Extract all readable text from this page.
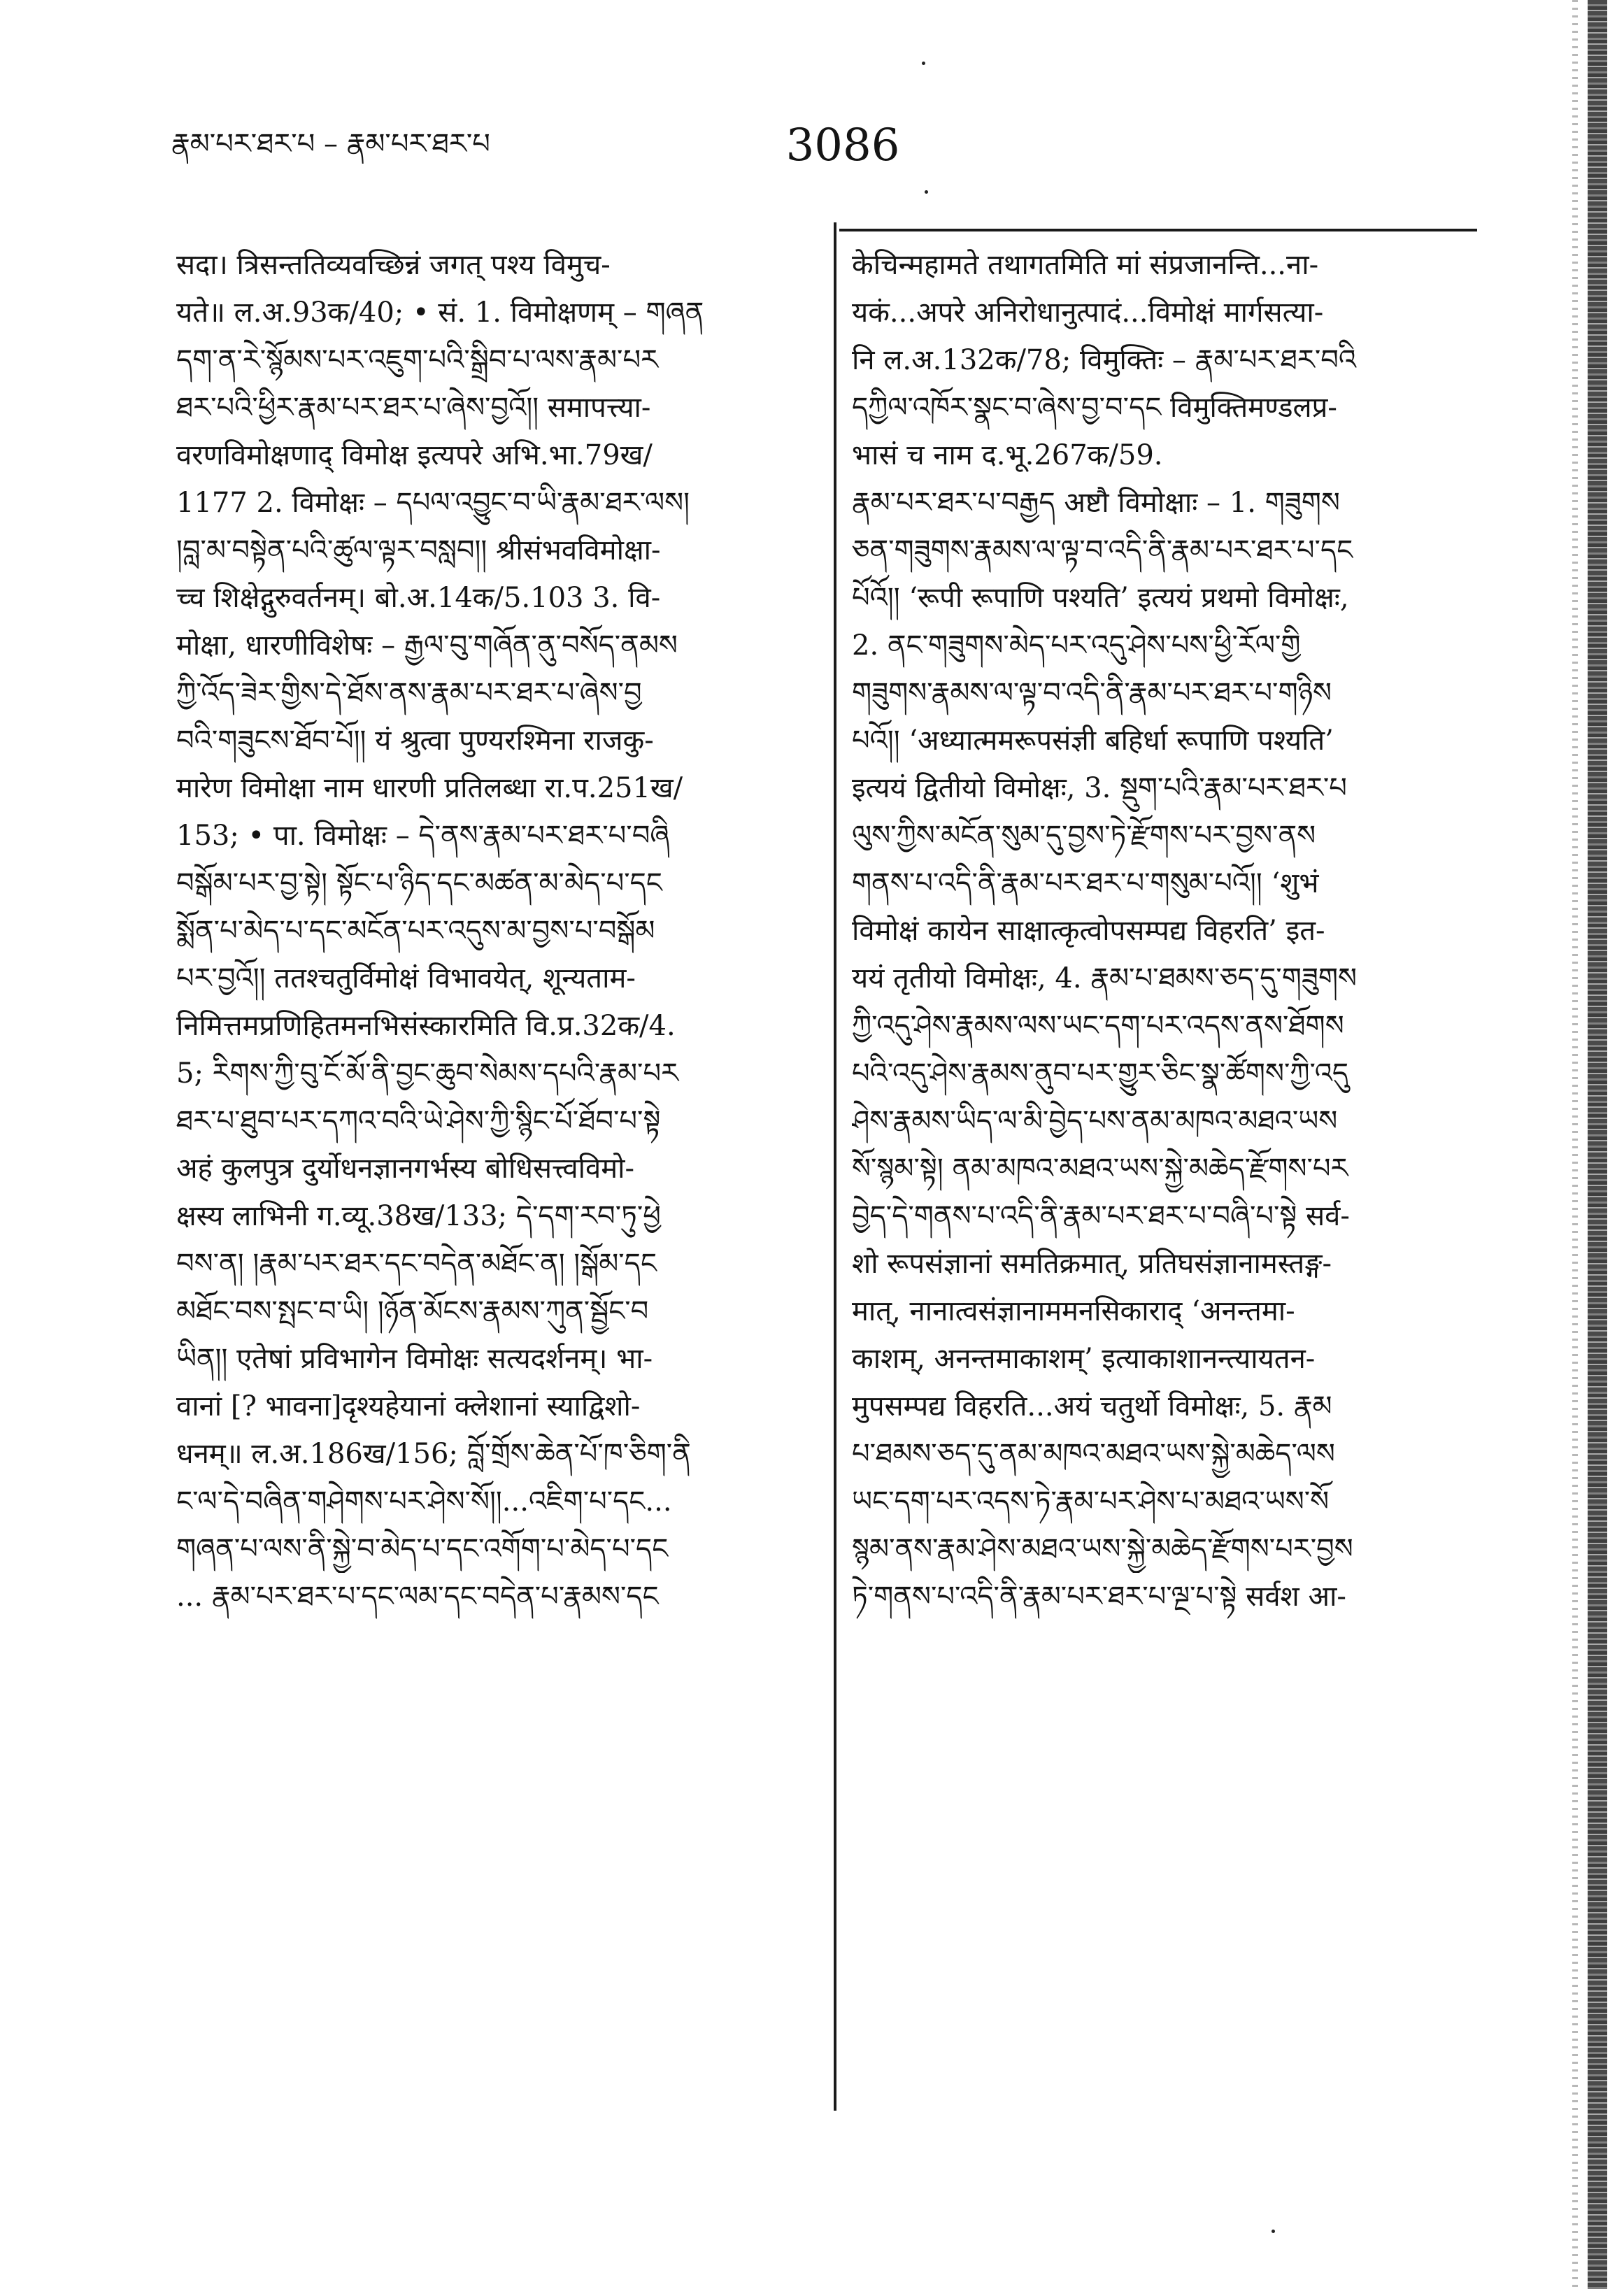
རྣམ་པར་ཐར་པ – རྣམ་པར་ཐར་པ	3086
सदा। त्रिसन्ततिव्यवच्छिन्नं जगत् पश्य विमुच-
यते॥ ल.अ.93क/40; • सं. 1. विमोक्षणम् – གཞན
དག་ན་རེ་སྙོམས་པར་འཇུག་པའི་སྒྲིབ་པ་ལས་རྣམ་པར
ཐར་པའི་ཕྱིར་རྣམ་པར་ཐར་པ་ཞེས་བྱའོ།། समापत्त्या-
वरणविमोक्षणाद् विमोक्ष इत्यपरे अभि.भा.79ख/
1177 2. विमोक्षः – དཔལ་འབྱུང་བ་ཡི་རྣམ་ཐར་ལས།
།བླ་མ་བསྟེན་པའི་ཚུལ་ལྟར་བསླབ།། श्रीसंभवविमोक्षा-
च्च शिक्षेद्गुरुवर्तनम्। बो.अ.14क/5.103 3. वि-
मोक्षा, धारणीविशेषः – རྒྱལ་བུ་གཞོན་ནུ་བསོད་ནམས
ཀྱི་འོད་ཟེར་གྱིས་དེ་ཐོས་ནས་རྣམ་པར་ཐར་པ་ཞེས་བྱ
བའི་གཟུངས་ཐོབ་པོ།། यं श्रुत्वा पुण्यरश्मिना राजकु-
मारेण विमोक्षा नाम धारणी प्रतिलब्धा रा.प.251ख/
153; • पा. विमोक्षः – དེ་ནས་རྣམ་པར་ཐར་པ་བཞི
བསྒོམ་པར་བྱ་སྟེ། སྟོང་པ་ཉིད་དང་མཚན་མ་མེད་པ་དང
སྨོན་པ་མེད་པ་དང་མངོན་པར་འདུས་མ་བྱས་པ་བསྒོམ
པར་བྱའོ།། ततश्चतुर्विमोक्षं विभावयेत्, शून्यताम-
निमित्तमप्रणिहितमनभिसंस्कारमिति वि.प्र.32क/4.
5; རིགས་ཀྱི་བུ་ངོ་མོ་ནི་བྱང་ཆུབ་སེམས་དཔའི་རྣམ་པར
ཐར་པ་ཐུབ་པར་དཀའ་བའི་ཡེ་ཤེས་ཀྱི་སྙིང་པོ་ཐོབ་པ་སྟེ
अहं कुलपुत्र दुर्योधनज्ञानगर्भस्य बोधिसत्त्वविमो-
क्षस्य लाभिनी ग.व्यू.38ख/133; དེ་དག་རབ་ཏུ་ཕྱེ
བས་ན། །རྣམ་པར་ཐར་དང་བདེན་མཐོང་ན། །སྒོམ་དང
མཐོང་བས་སྤང་བ་ཡི། །ཉོན་མོངས་རྣམས་ཀུན་སྦྱོང་བ
ཡིན།། एतेषां प्रविभागेन विमोक्षः सत्यदर्शनम्। भा-
वानां [? भावना]दृश्यहेयानां क्लेशानां स्याद्विशो-
धनम्॥ ल.अ.186ख/156; བློ་གྲོས་ཆེན་པོ་ཁ་ཅིག་ནི
ང་ལ་དེ་བཞིན་གཤེགས་པར་ཤེས་སོ།།...འཇིག་པ་དང...
གཞན་པ་ལས་ནི་སྐྱེ་བ་མེད་པ་དང་འགོག་པ་མེད་པ་དང
... རྣམ་པར་ཐར་པ་དང་ལམ་དང་བདེན་པ་རྣམས་དང
केचिन्महामते तथागतमिति मां संप्रजानन्ति...ना-
यकं...अपरे अनिरोधानुत्पादं...विमोक्षं मार्गसत्या-
नि ल.अ.132क/78; विमुक्तिः – རྣམ་པར་ཐར་བའི
དཀྱིལ་འཁོར་སྣང་བ་ཞེས་བྱ་བ་དང विमुक्तिमण्डलप्र-
भासं च नाम द.भू.267क/59.
རྣམ་པར་ཐར་པ་བརྒྱད अष्टौ विमोक्षाः – 1. གཟུགས
ཅན་གཟུགས་རྣམས་ལ་ལྟ་བ་འདི་ནི་རྣམ་པར་ཐར་པ་དང
པོའོ།། ‘रूपी रूपाणि पश्यति’ इत्ययं प्रथमो विमोक्षः,
2. ནང་གཟུགས་མེད་པར་འདུ་ཤེས་པས་ཕྱི་རོལ་གྱི
གཟུགས་རྣམས་ལ་ལྟ་བ་འདི་ནི་རྣམ་པར་ཐར་པ་གཉིས
པའོ།། ‘अध्यात्ममरूपसंज्ञी बहिर्धा रूपाणि पश्यति’
इत्ययं द्वितीयो विमोक्षः, 3. སྡུག་པའི་རྣམ་པར་ཐར་པ
ལུས་ཀྱིས་མངོན་སུམ་དུ་བྱས་ཏེ་རྫོགས་པར་བྱས་ནས
གནས་པ་འདི་ནི་རྣམ་པར་ཐར་པ་གསུམ་པའོ།། ‘शुभं
विमोक्षं कायेन साक्षात्कृत्वोपसम्पद्य विहरति’ इत-
ययं तृतीयो विमोक्षः, 4. རྣམ་པ་ཐམས་ཅད་དུ་གཟུགས
ཀྱི་འདུ་ཤེས་རྣམས་ལས་ཡང་དག་པར་འདས་ནས་ཐོགས
པའི་འདུ་ཤེས་རྣམས་ནུབ་པར་གྱུར་ཅིང་སྣ་ཚོགས་ཀྱི་འདུ
ཤེས་རྣམས་ཡིད་ལ་མི་བྱེད་པས་ནམ་མཁའ་མཐའ་ཡས
སོ་སྙམ་སྟེ། ནམ་མཁའ་མཐའ་ཡས་སྐྱེ་མཆེད་རྫོགས་པར
བྱེད་དེ་གནས་པ་འདི་ནི་རྣམ་པར་ཐར་པ་བཞི་པ་སྟེ सर्व-
शो रूपसंज्ञानां समतिक्रमात्, प्रतिघसंज्ञानामस्तङ्ग-
मात्, नानात्वसंज्ञानाममनसिकाराद् ‘अनन्तमा-
काशम्, अनन्तमाकाशम्’ इत्याकाशानन्त्यायतन-
मुपसम्पद्य विहरति...अयं चतुर्थो विमोक्षः, 5. རྣམ
པ་ཐམས་ཅད་དུ་ནམ་མཁའ་མཐའ་ཡས་སྐྱེ་མཆེད་ལས
ཡང་དག་པར་འདས་ཏེ་རྣམ་པར་ཤེས་པ་མཐའ་ཡས་སོ
སྙམ་ནས་རྣམ་ཤེས་མཐའ་ཡས་སྐྱེ་མཆེད་རྫོགས་པར་བྱས
ཏེ་གནས་པ་འདི་ནི་རྣམ་པར་ཐར་པ་ལྔ་པ་སྟེ सर्वश आ-
